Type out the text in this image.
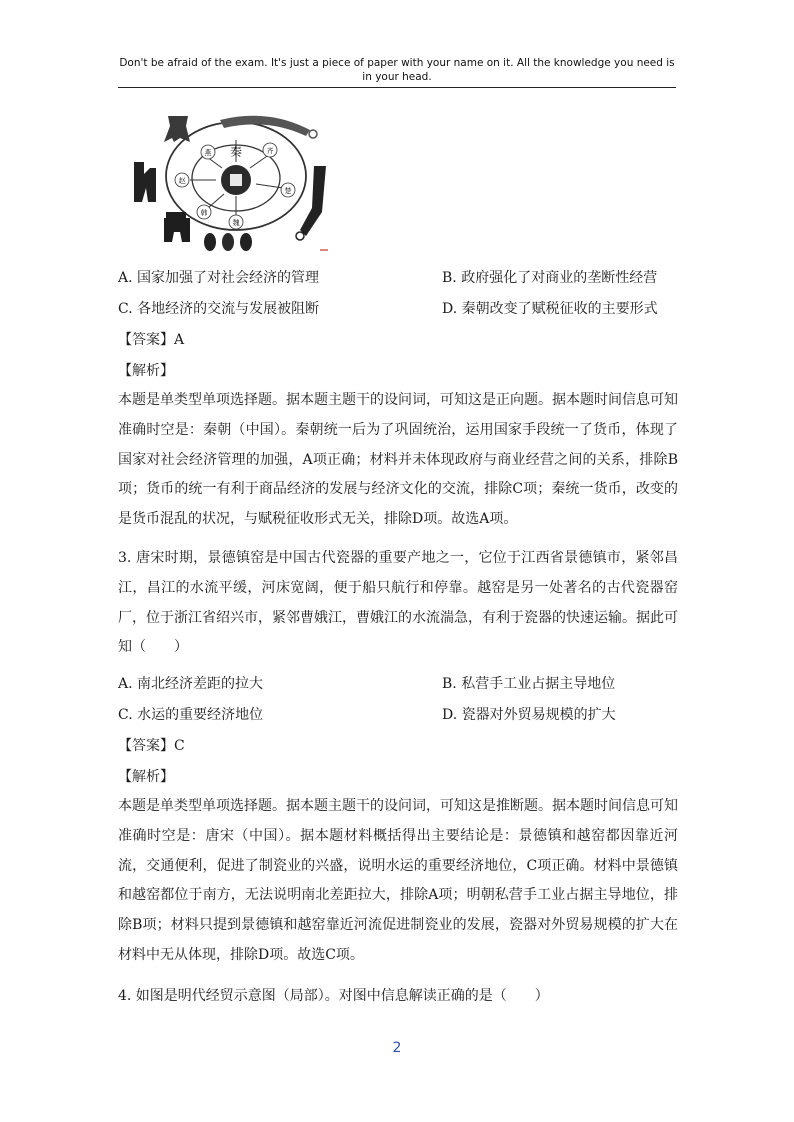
Don't be afraid of the exam. It's just a piece of paper with your name on it. All the knowledge you need is in your head.
秦
燕	齐
赵
楚
韩
魏
A. 国家加强了对社会经济的管理	B. 政府强化了对商业的垄断性经营
C. 各地经济的交流与发展被阻断	D. 秦朝改变了赋税征收的主要形式
【答案】A
【解析】
本题是单类型单项选择题。据本题主题干的设问词，可知这是正向题。据本题时间信息可知准确时空是：秦朝（中国）。秦朝统一后为了巩固统治，运用国家手段统一了货币，体现了国家对社会经济管理的加强，A项正确；材料并未体现政府与商业经营之间的关系，排除B项；货币的统一有利于商品经济的发展与经济文化的交流，排除C项；秦统一货币，改变的是货币混乱的状况，与赋税征收形式无关，排除D项。故选A项。
3. 唐宋时期，景德镇窑是中国古代瓷器的重要产地之一，它位于江西省景德镇市，紧邻昌江，昌江的水流平缓，河床宽阔，便于船只航行和停靠。越窑是另一处著名的古代瓷器窑厂，位于浙江省绍兴市，紧邻曹娥江，曹娥江的水流湍急，有利于瓷器的快速运输。据此可知（　　）
A. 南北经济差距的拉大	B. 私营手工业占据主导地位
C. 水运的重要经济地位	D. 瓷器对外贸易规模的扩大
【答案】C
【解析】
本题是单类型单项选择题。据本题主题干的设问词，可知这是推断题。据本题时间信息可知准确时空是：唐宋（中国）。据本题材料概括得出主要结论是：景德镇和越窑都因靠近河流，交通便利，促进了制瓷业的兴盛，说明水运的重要经济地位，C项正确。材料中景德镇和越窑都位于南方，无法说明南北差距拉大，排除A项；明朝私营手工业占据主导地位，排除B项；材料只提到景德镇和越窑靠近河流促进制瓷业的发展，瓷器对外贸易规模的扩大在材料中无从体现，排除D项。故选C项。
4. 如图是明代经贸示意图（局部）。对图中信息解读正确的是（　　）
2
